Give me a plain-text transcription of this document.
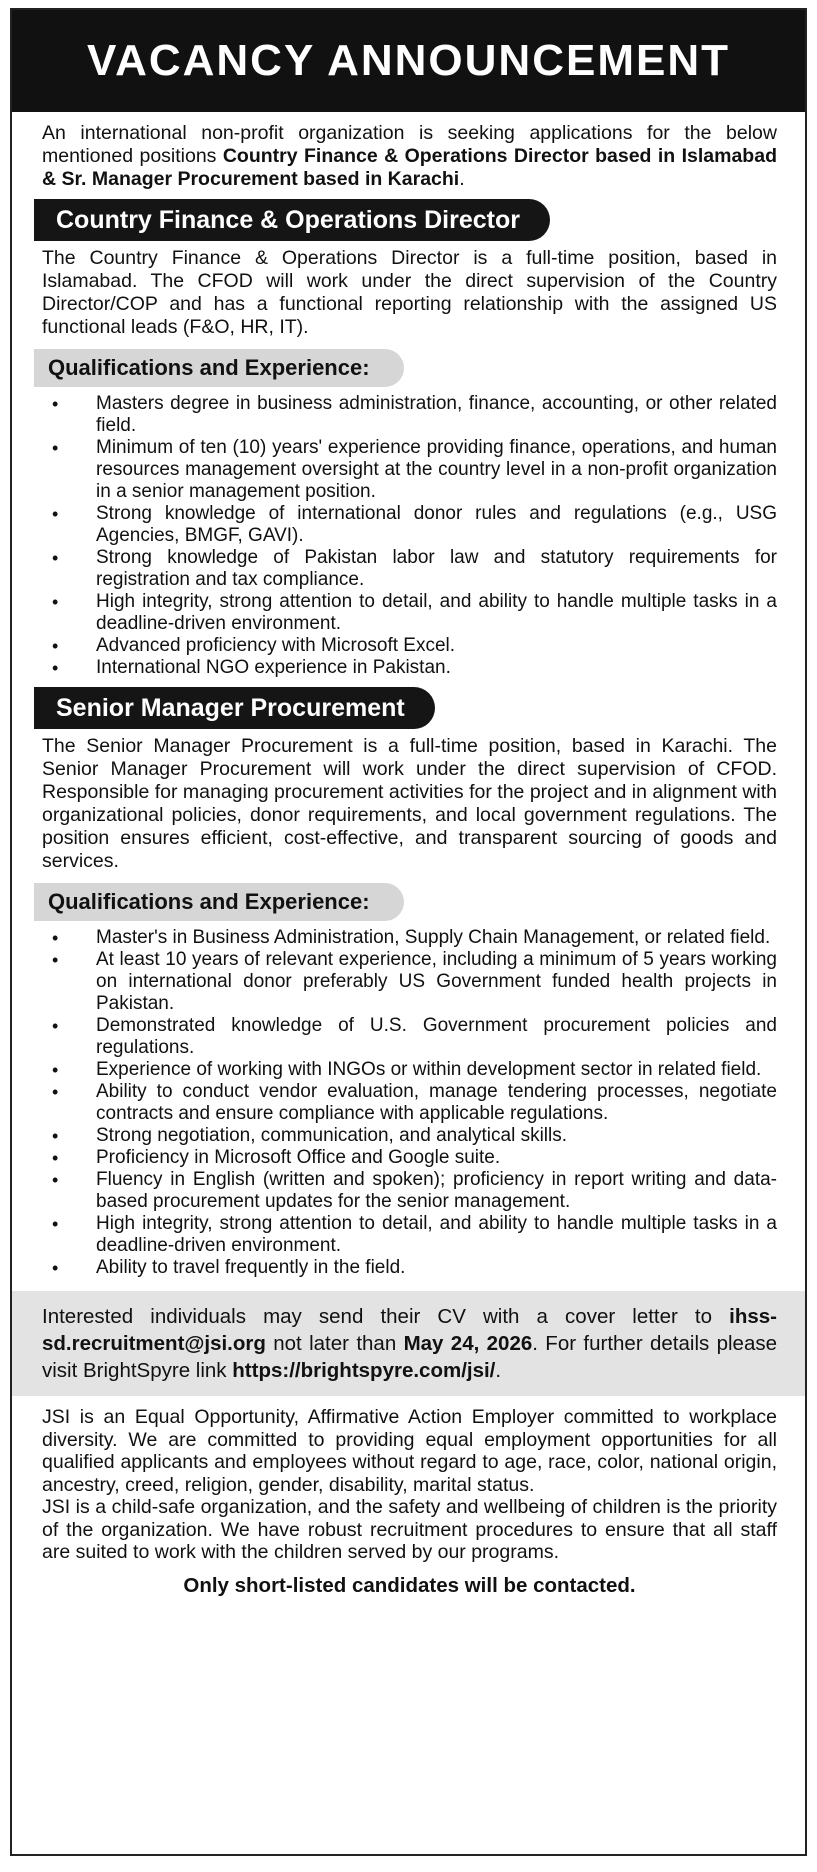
VACANCY ANNOUNCEMENT

An international non-profit organization is seeking applications for the below mentioned positions Country Finance & Operations Director based in Islamabad & Sr. Manager Procurement based in Karachi.

Country Finance & Operations Director

The Country Finance & Operations Director is a full-time position, based in Islamabad. The CFOD will work under the direct supervision of the Country Director/COP and has a functional reporting relationship with the assigned US functional leads (F&O, HR, IT).

Qualifications and Experience:
• Masters degree in business administration, finance, accounting, or other related field.
• Minimum of ten (10) years' experience providing finance, operations, and human resources management oversight at the country level in a non-profit organization in a senior management position.
• Strong knowledge of international donor rules and regulations (e.g., USG Agencies, BMGF, GAVI).
• Strong knowledge of Pakistan labor law and statutory requirements for registration and tax compliance.
• High integrity, strong attention to detail, and ability to handle multiple tasks in a deadline-driven environment.
• Advanced proficiency with Microsoft Excel.
• International NGO experience in Pakistan.
Senior Manager Procurement

The Senior Manager Procurement is a full-time position, based in Karachi. The Senior Manager Procurement will work under the direct supervision of CFOD. Responsible for managing procurement activities for the project and in alignment with organizational policies, donor requirements, and local government regulations. The position ensures efficient, cost-effective, and transparent sourcing of goods and services.

Qualifications and Experience:
• Master's in Business Administration, Supply Chain Management, or related field.
• At least 10 years of relevant experience, including a minimum of 5 years working on international donor preferably US Government funded health projects in Pakistan.
• Demonstrated knowledge of U.S. Government procurement policies and regulations.
• Experience of working with INGOs or within development sector in related field.
• Ability to conduct vendor evaluation, manage tendering processes, negotiate contracts and ensure compliance with applicable regulations.
• Strong negotiation, communication, and analytical skills.
• Proficiency in Microsoft Office and Google suite.
• Fluency in English (written and spoken); proficiency in report writing and data-based procurement updates for the senior management.
• High integrity, strong attention to detail, and ability to handle multiple tasks in a deadline-driven environment.
• Ability to travel frequently in the field.

Interested individuals may send their CV with a cover letter to ihss-sd.recruitment@jsi.org not later than May 24, 2026. For further details please visit BrightSpyre link https://brightspyre.com/jsi/.

JSI is an Equal Opportunity, Affirmative Action Employer committed to workplace diversity. We are committed to providing equal employment opportunities for all qualified applicants and employees without regard to age, race, color, national origin, ancestry, creed, religion, gender, disability, marital status.

JSI is a child-safe organization, and the safety and wellbeing of children is the priority of the organization. We have robust recruitment procedures to ensure that all staff are suited to work with the children served by our programs.

Only short-listed candidates will be contacted.
